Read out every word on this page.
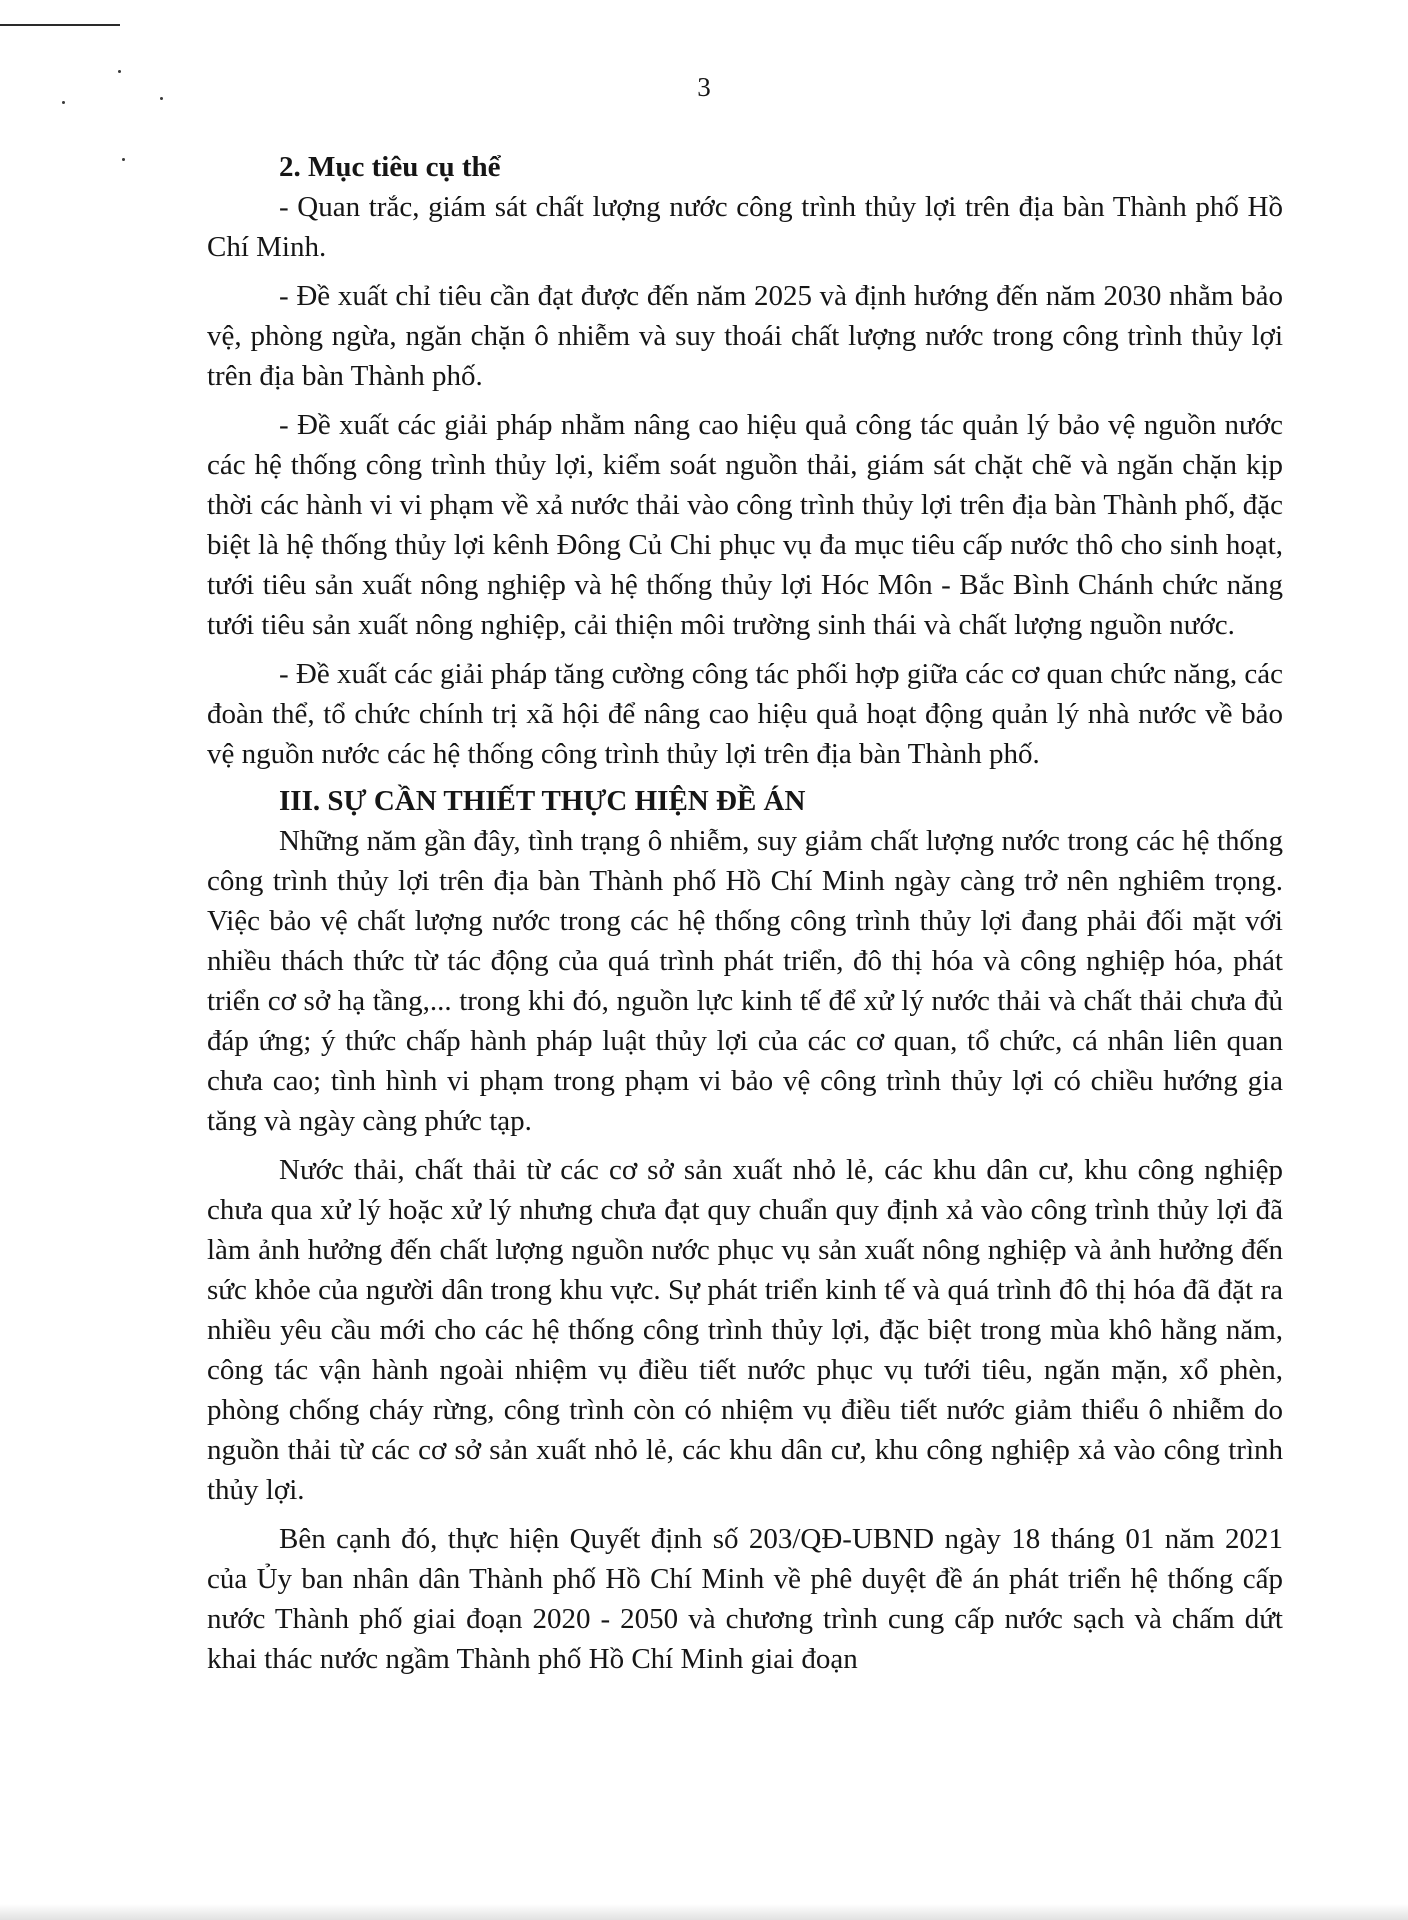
3

2. Mục tiêu cụ thể

- Quan trắc, giám sát chất lượng nước công trình thủy lợi trên địa bàn Thành phố Hồ Chí Minh.

- Đề xuất chỉ tiêu cần đạt được đến năm 2025 và định hướng đến năm 2030 nhằm bảo vệ, phòng ngừa, ngăn chặn ô nhiễm và suy thoái chất lượng nước trong công trình thủy lợi trên địa bàn Thành phố.

- Đề xuất các giải pháp nhằm nâng cao hiệu quả công tác quản lý bảo vệ nguồn nước các hệ thống công trình thủy lợi, kiểm soát nguồn thải, giám sát chặt chẽ và ngăn chặn kịp thời các hành vi vi phạm về xả nước thải vào công trình thủy lợi trên địa bàn Thành phố, đặc biệt là hệ thống thủy lợi kênh Đông Củ Chi phục vụ đa mục tiêu cấp nước thô cho sinh hoạt, tưới tiêu sản xuất nông nghiệp và hệ thống thủy lợi Hóc Môn - Bắc Bình Chánh chức năng tưới tiêu sản xuất nông nghiệp, cải thiện môi trường sinh thái và chất lượng nguồn nước.

- Đề xuất các giải pháp tăng cường công tác phối hợp giữa các cơ quan chức năng, các đoàn thể, tổ chức chính trị xã hội để nâng cao hiệu quả hoạt động quản lý nhà nước về bảo vệ nguồn nước các hệ thống công trình thủy lợi trên địa bàn Thành phố.

III. SỰ CẦN THIẾT THỰC HIỆN ĐỀ ÁN

Những năm gần đây, tình trạng ô nhiễm, suy giảm chất lượng nước trong các hệ thống công trình thủy lợi trên địa bàn Thành phố Hồ Chí Minh ngày càng trở nên nghiêm trọng. Việc bảo vệ chất lượng nước trong các hệ thống công trình thủy lợi đang phải đối mặt với nhiều thách thức từ tác động của quá trình phát triển, đô thị hóa và công nghiệp hóa, phát triển cơ sở hạ tầng,... trong khi đó, nguồn lực kinh tế để xử lý nước thải và chất thải chưa đủ đáp ứng; ý thức chấp hành pháp luật thủy lợi của các cơ quan, tổ chức, cá nhân liên quan chưa cao; tình hình vi phạm trong phạm vi bảo vệ công trình thủy lợi có chiều hướng gia tăng và ngày càng phức tạp.

Nước thải, chất thải từ các cơ sở sản xuất nhỏ lẻ, các khu dân cư, khu công nghiệp chưa qua xử lý hoặc xử lý nhưng chưa đạt quy chuẩn quy định xả vào công trình thủy lợi đã làm ảnh hưởng đến chất lượng nguồn nước phục vụ sản xuất nông nghiệp và ảnh hưởng đến sức khỏe của người dân trong khu vực. Sự phát triển kinh tế và quá trình đô thị hóa đã đặt ra nhiều yêu cầu mới cho các hệ thống công trình thủy lợi, đặc biệt trong mùa khô hằng năm, công tác vận hành ngoài nhiệm vụ điều tiết nước phục vụ tưới tiêu, ngăn mặn, xổ phèn, phòng chống cháy rừng, công trình còn có nhiệm vụ điều tiết nước giảm thiểu ô nhiễm do nguồn thải từ các cơ sở sản xuất nhỏ lẻ, các khu dân cư, khu công nghiệp xả vào công trình thủy lợi.

Bên cạnh đó, thực hiện Quyết định số 203/QĐ-UBND ngày 18 tháng 01 năm 2021 của Ủy ban nhân dân Thành phố Hồ Chí Minh về phê duyệt đề án phát triển hệ thống cấp nước Thành phố giai đoạn 2020 - 2050 và chương trình cung cấp nước sạch và chấm dứt khai thác nước ngầm Thành phố Hồ Chí Minh giai đoạn
